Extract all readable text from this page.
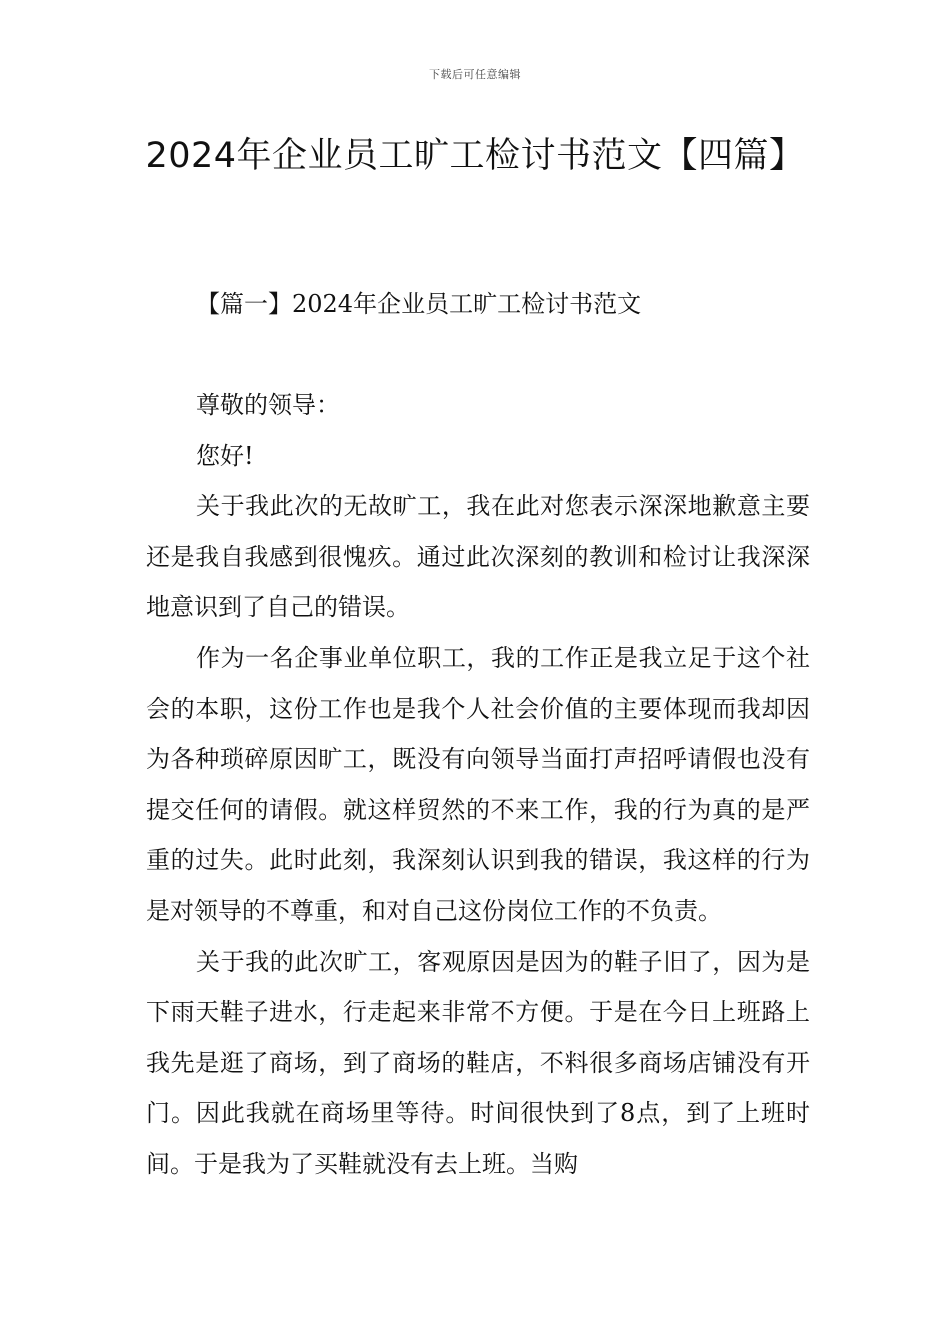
下载后可任意编辑
2024年企业员工旷工检讨书范文【四篇】
【篇一】2024年企业员工旷工检讨书范文

尊敬的领导：

您好!

关于我此次的无故旷工，我在此对您表示深深地歉意主要还是我自我感到很愧疚。通过此次深刻的教训和检讨让我深深地意识到了自己的错误。

作为一名企事业单位职工，我的工作正是我立足于这个社会的本职，这份工作也是我个人社会价值的主要体现而我却因为各种琐碎原因旷工，既没有向领导当面打声招呼请假也没有提交任何的请假。就这样贸然的不来工作，我的行为真的是严重的过失。此时此刻，我深刻认识到我的错误，我这样的行为是对领导的不尊重，和对自己这份岗位工作的不负责。

关于我的此次旷工，客观原因是因为的鞋子旧了，因为是下雨天鞋子进水，行走起来非常不方便。于是在今日上班路上我先是逛了商场，到了商场的鞋店，不料很多商场店铺没有开门。因此我就在商场里等待。时间很快到了8点，到了上班时间。于是我为了买鞋就没有去上班。当购
